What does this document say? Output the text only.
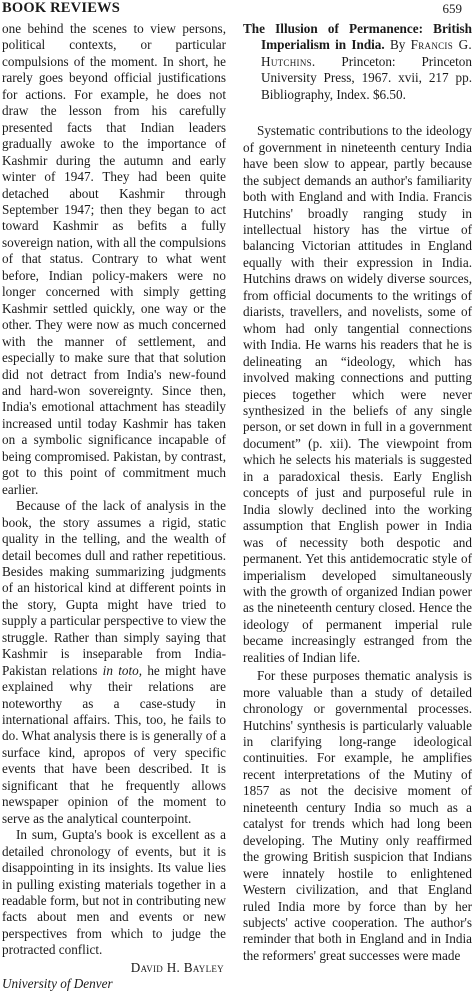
BOOK REVIEWS	659

one behind the scenes to view persons, political contexts, or particular compulsions of the moment. In short, he rarely goes beyond official justifications for actions. For example, he does not draw the lesson from his carefully presented facts that Indian leaders gradually awoke to the importance of Kashmir during the autumn and early winter of 1947. They had been quite detached about Kashmir through September 1947; then they began to act toward Kashmir as befits a fully sovereign nation, with all the compulsions of that status. Contrary to what went before, Indian policy-makers were no longer concerned with simply getting Kashmir settled quickly, one way or the other. They were now as much concerned with the manner of settlement, and especially to make sure that that solution did not detract from India's new-found and hard-won sovereignty. Since then, India's emotional attachment has steadily increased until today Kashmir has taken on a symbolic significance incapable of being compromised. Pakistan, by contrast, got to this point of commitment much earlier.

Because of the lack of analysis in the book, the story assumes a rigid, static quality in the telling, and the wealth of detail becomes dull and rather repetitious. Besides making summarizing judgments of an historical kind at different points in the story, Gupta might have tried to supply a particular perspective to view the struggle. Rather than simply saying that Kashmir is inseparable from India-Pakistan relations in toto, he might have explained why their relations are noteworthy as a case-study in international affairs. This, too, he fails to do. What analysis there is is generally of a surface kind, apropos of very specific events that have been described. It is significant that he frequently allows newspaper opinion of the moment to serve as the analytical counterpoint.

In sum, Gupta's book is excellent as a detailed chronology of events, but it is disappointing in its insights. Its value lies in pulling existing materials together in a readable form, but not in contributing new facts about men and events or new perspectives from which to judge the protracted conflict.

David H. Bayley
University of Denver

The Illusion of Permanence: British Imperialism in India. By Francis G. Hutchins. Princeton: Princeton University Press, 1967. xvii, 217 pp. Bibliography, Index. $6.50.

Systematic contributions to the ideology of government in nineteenth century India have been slow to appear, partly because the subject demands an author's familiarity both with England and with India. Francis Hutchins' broadly ranging study in intellectual history has the virtue of balancing Victorian attitudes in England equally with their expression in India. Hutchins draws on widely diverse sources, from official documents to the writings of diarists, travellers, and novelists, some of whom had only tangential connections with India. He warns his readers that he is delineating an “ideology, which has involved making connections and putting pieces together which were never synthesized in the beliefs of any single person, or set down in full in a government document” (p. xii). The viewpoint from which he selects his materials is suggested in a paradoxical thesis. Early English concepts of just and purposeful rule in India slowly declined into the working assumption that English power in India was of necessity both despotic and permanent. Yet this antidemocratic style of imperialism developed simultaneously with the growth of organized Indian power as the nineteenth century closed. Hence the ideology of permanent imperial rule became increasingly estranged from the realities of Indian life.

For these purposes thematic analysis is more valuable than a study of detailed chronology or governmental processes. Hutchins' synthesis is particularly valuable in clarifying long-range ideological continuities. For example, he amplifies recent interpretations of the Mutiny of 1857 as not the decisive moment of nineteenth century India so much as a catalyst for trends which had long been developing. The Mutiny only reaffirmed the growing British suspicion that Indians were innately hostile to enlightened Western civilization, and that England ruled India more by force than by her subjects' active cooperation. The author's reminder that both in England and in India the reformers' great successes were made
